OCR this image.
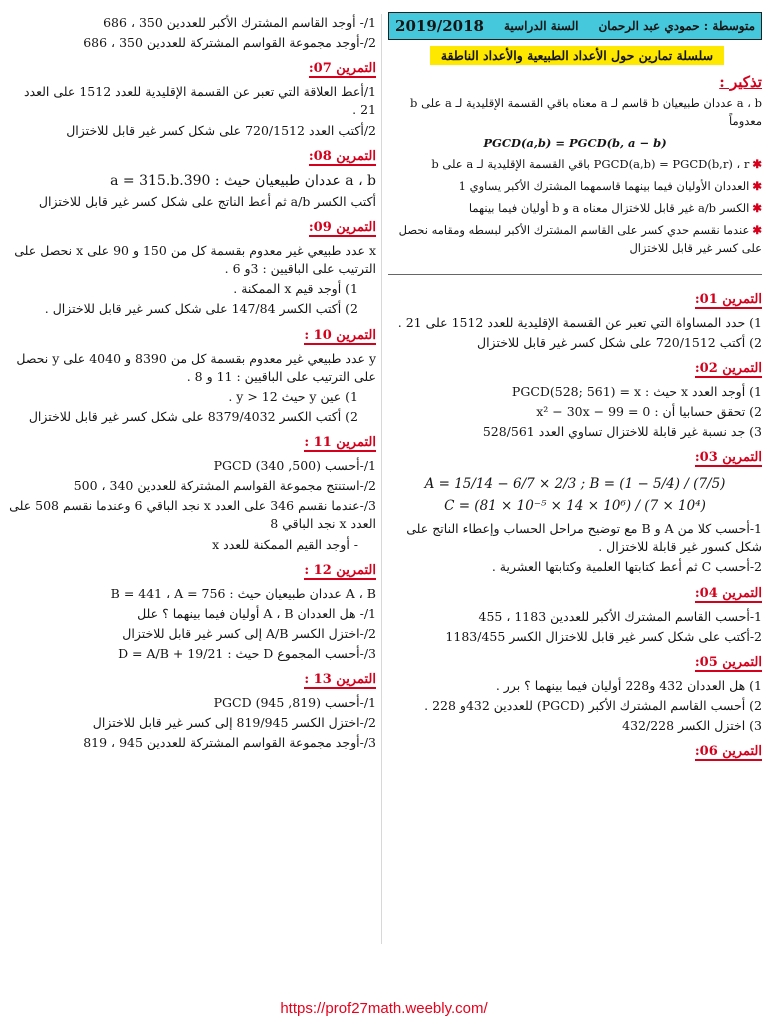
متوسطة : حمودي عبد الرحمان
السنة الدراسية
2019/2018
سلسلة تمارين حول الأعداد الطبيعية والأعداد الناطقة
تذكير :

a ، b عددان طبيعيان b قاسم لـ a معناه باقي القسمة الإقليدية لـ a على b معدوماً

PGCD(a,b) = PGCD(b, a − b)

✱PGCD(a,b) = PGCD(b,r) ، r باقي القسمة الإقليدية لـ a على b

✱العددان الأوليان فيما بينهما قاسمهما المشترك الأكبر يساوي 1

✱الكسر a/b غير قابل للاختزال معناه a و b أوليان فيما بينهما

✱عندما نقسم حدي كسر على القاسم المشترك الأكبر لبسطه ومقامه نحصل على كسر غير قابل للاختزال

التمرين 01:
1) حدد المساواة التي تعبر عن القسمة الإقليدية للعدد 1512 على 21 .
2) أكتب 720/1512 على شكل كسر غير قابل للاختزال
التمرين 02:
1) أوجد العدد x حيث : PGCD(528; 561) = x
2) تحقق حسابيا أن : x² − 30x − 99 = 0
3) جد نسبة غير قابلة للاختزال تساوي العدد 528/561
التمرين 03:
A = 15/14 − 6/7 × 2/3 ; B = (1 − 5/4) / (7/5)
C = (81 × 10⁻⁵ × 14 × 10⁶) / (7 × 10⁴)
1-أحسب كلا من A و B مع توضيح مراحل الحساب وإعطاء الناتج على شكل كسور غير قابلة للاختزال .
2-أحسب C ثم أعط كتابتها العلمية وكتابتها العشرية .
التمرين 04:
1-أحسب القاسم المشترك الأكبر للعددين 1183 ، 455
2-أكتب على شكل كسر غير قابل للاختزال الكسر 1183/455
التمرين 05:
1) هل العددان 432 و228 أوليان فيما بينهما ؟ برر .
2) أحسب القاسم المشترك الأكبر (PGCD) للعددين 432و 228 .
3) اختزل الكسر 432/228
التمرين 06:
1/- أوجد القاسم المشترك الأكبر للعددين 350 ، 686
2/-أوجد مجموعة القواسم المشتركة للعددين 350 ، 686
التمرين 07:
1/أعط العلاقة التي تعبر عن القسمة الإقليدية للعدد 1512 على العدد 21 .
2/أكتب العدد 720/1512 على شكل كسر غير قابل للاختزال
التمرين 08:
a ، b عددان طبيعيان حيث : 390.a = 315.b
أكتب الكسر a/b ثم أعط الناتج على شكل كسر غير قابل للاختزال
التمرين 09:
x عدد طبيعي غير معدوم بقسمة كل من 150 و 90 على x نحصل على الترتيب على الباقيين : 3و 6 .
1) أوجد قيم x الممكنة .
2) أكتب الكسر 147/84 على شكل كسر غير قابل للاختزال .
التمرين 10 :
y عدد طبيعي غير معدوم بقسمة كل من 8390 و 4040 على y نحصل على الترتيب على الباقيين : 11 و 8 .
1) عين y حيث y > 12 .
2) أكتب الكسر 8379/4032 على شكل كسر غير قابل للاختزال
التمرين 11 :
1/-أحسب PGCD (340 ,500)
2/-استنتج مجموعة القواسم المشتركة للعددين 340 ، 500
3/-عندما نقسم 346 على العدد x نجد الباقي 6 وعندما نقسم 508 على العدد x نجد الباقي 8
- أوجد القيم الممكنة للعدد x
التمرين 12 :
A ، B عددان طبيعيان حيث : B = 441 ، A = 756
1/- هل العددان A ، B أوليان فيما بينهما ؟ علل
2/-اختزل الكسر A/B إلى كسر غير قابل للاختزال
3/-أحسب المجموع D حيث : D = A/B + 19/21
التمرين 13 :
1/-أحسب PGCD (945 ,819)
2/-اختزل الكسر 819/945 إلى كسر غير قابل للاختزال
3/-أوجد مجموعة القواسم المشتركة للعددين 945 ، 819
https://prof27math.weebly.com/
